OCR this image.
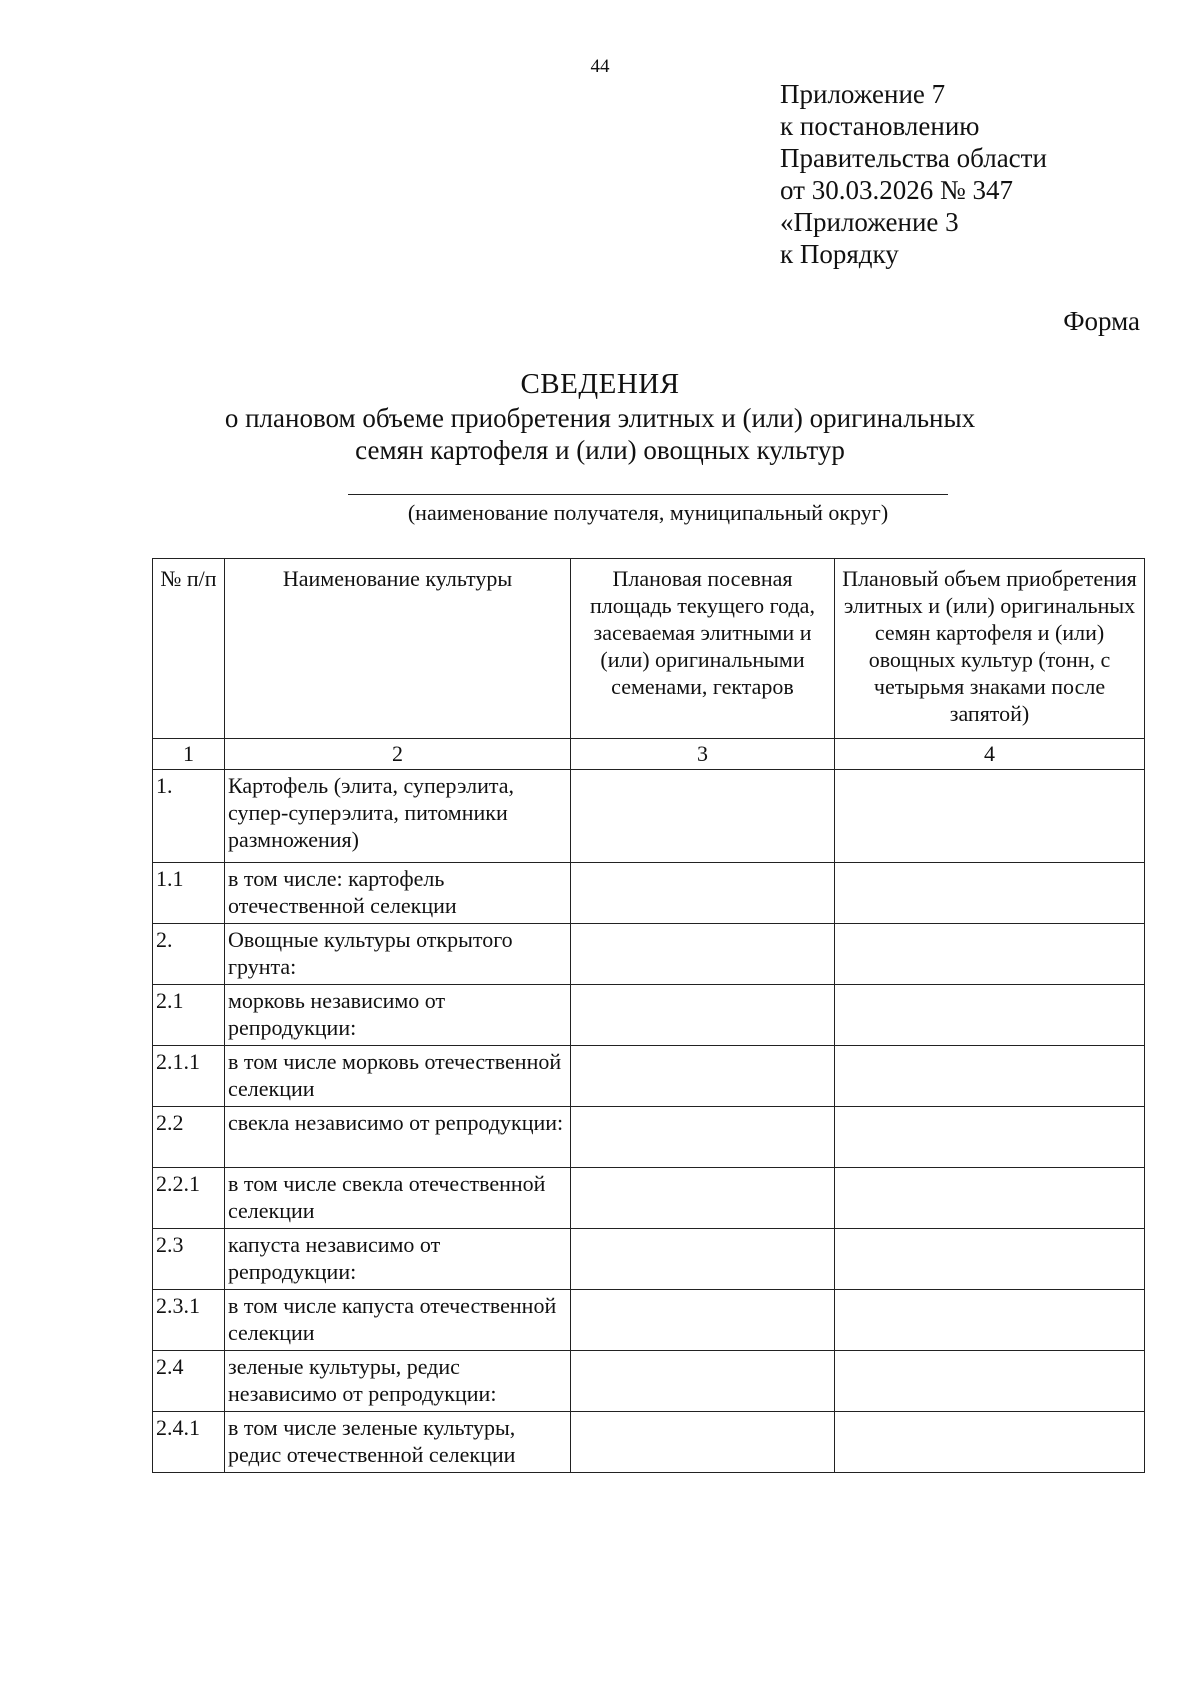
44
Приложение 7
к постановлению
Правительства области
от 30.03.2026 № 347
«Приложение 3
к Порядку
Форма
СВЕДЕНИЯ
о плановом объеме приобретения элитных и (или) оригинальных
семян картофеля и (или) овощных культур
(наименование получателя, муниципальный округ)
№ п/п	Наименование культуры	Плановая посевная площадь текущего года, засеваемая элитными и (или) оригинальными семенами, гектаров	Плановый объем приобретения элитных и (или) оригинальных семян картофеля и (или) овощных культур (тонн, с четырьмя знаками после запятой)
1	2	3	4
1.	Картофель (элита, суперэлита, супер-суперэлита, питомники размножения)		
1.1	в том числе: картофель отечественной селекции		
2.	Овощные культуры открытого грунта:		
2.1	морковь независимо от репродукции:		
2.1.1	в том числе морковь отечественной селекции		
2.2	свекла независимо от репродукции:		
2.2.1	в том числе свекла отечественной селекции		
2.3	капуста независимо от репродукции:		
2.3.1	в том числе капуста отечественной селекции		
2.4	зеленые культуры, редис независимо от репродукции:		
2.4.1	в том числе зеленые культуры, редис отечественной селекции		
